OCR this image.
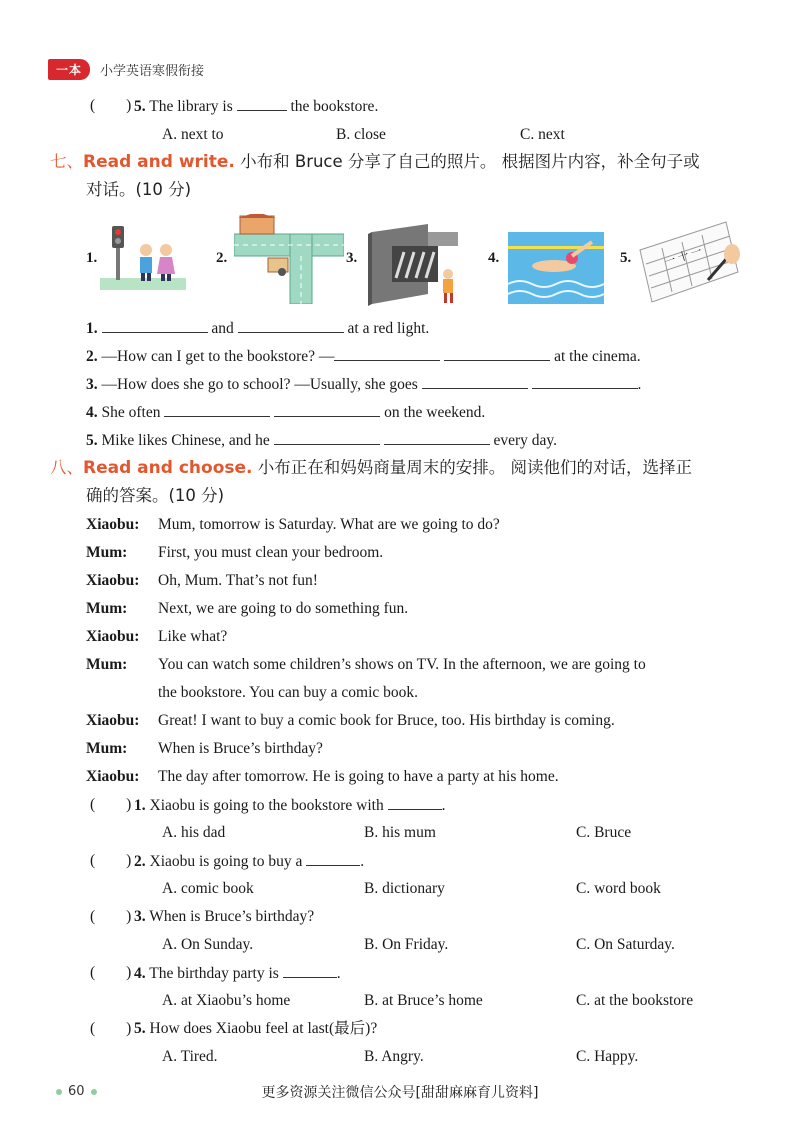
一本	小学英语寒假衔接
(　　) 5. The library is	the bookstore.
A. next to	B. close	C. next
七、Read and write. 小布和 Bruce 分享了自己的照片。 根据图片内容，补全句子或
对话。(10 分)
1.	2.	3.	4.	5.	一 十 一
1.	and	at a red light.
2. —How can I get to the bookstore? —	at the cinema.
3. —How does she go to school? —Usually, she goes	.
4. She often	on the weekend.
5. Mike likes Chinese, and he	every day.
八、Read and choose. 小布正在和妈妈商量周末的安排。 阅读他们的对话，选择正
确的答案。(10 分)
Xiaobu: Mum, tomorrow is Saturday. What are we going to do?
Mum: First, you must clean your bedroom.
Xiaobu: Oh, Mum. That’s not fun!
Mum: Next, we are going to do something fun.
Xiaobu: Like what?
Mum: You can watch some children’s shows on TV. In the afternoon, we are going to
the bookstore. You can buy a comic book.
Xiaobu: Great! I want to buy a comic book for Bruce, too. His birthday is coming.
Mum: When is Bruce’s birthday?
Xiaobu: The day after tomorrow. He is going to have a party at his home.
(　　) 1. Xiaobu is going to the bookstore with	.
A. his dad	B. his mum	C. Bruce
(　　) 2. Xiaobu is going to buy a	.
A. comic book	B. dictionary	C. word book
(　　) 3. When is Bruce’s birthday?
A. On Sunday.	B. On Friday.	C. On Saturday.
(　　) 4. The birthday party is	.
A. at Xiaobu’s home	B. at Bruce’s home	C. at the bookstore
(　　) 5. How does Xiaobu feel at last(最后)?
A. Tired.	B. Angry.	C. Happy.
60	更多资源关注微信公众号[甜甜麻麻育儿资料]
